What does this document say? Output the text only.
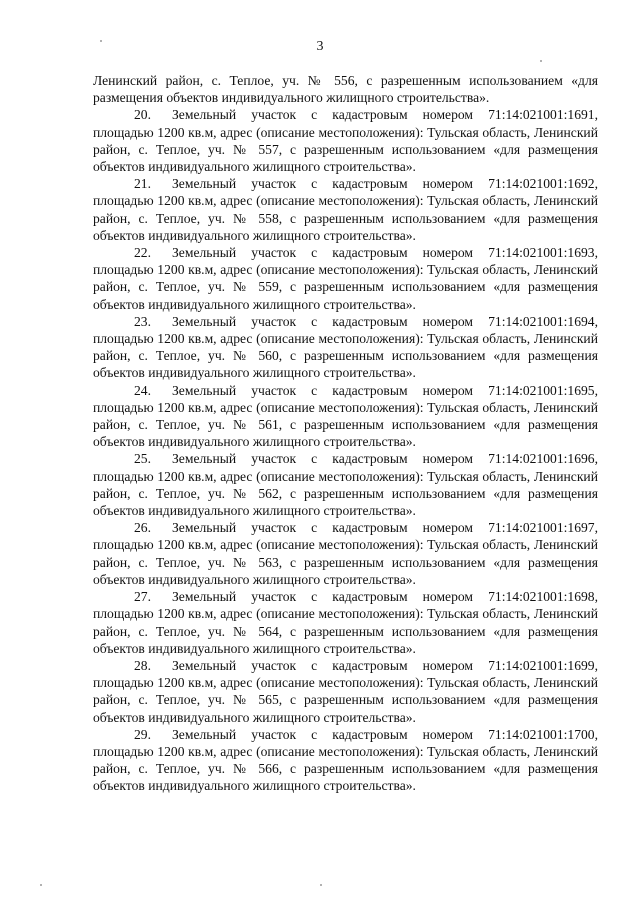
3

Ленинский район, с. Теплое, уч. № 556, с разрешенным использованием «для размещения объектов индивидуального жилищного строительства».

20. Земельный участок с кадастровым номером 71:14:021001:1691, площадью 1200 кв.м, адрес (описание местоположения): Тульская область, Ленинский район, с. Теплое, уч. № 557, с разрешенным использованием «для размещения объектов индивидуального жилищного строительства».

21. Земельный участок с кадастровым номером 71:14:021001:1692, площадью 1200 кв.м, адрес (описание местоположения): Тульская область, Ленинский район, с. Теплое, уч. № 558, с разрешенным использованием «для размещения объектов индивидуального жилищного строительства».

22. Земельный участок с кадастровым номером 71:14:021001:1693, площадью 1200 кв.м, адрес (описание местоположения): Тульская область, Ленинский район, с. Теплое, уч. № 559, с разрешенным использованием «для размещения объектов индивидуального жилищного строительства».

23. Земельный участок с кадастровым номером 71:14:021001:1694, площадью 1200 кв.м, адрес (описание местоположения): Тульская область, Ленинский район, с. Теплое, уч. № 560, с разрешенным использованием «для размещения объектов индивидуального жилищного строительства».

24. Земельный участок с кадастровым номером 71:14:021001:1695, площадью 1200 кв.м, адрес (описание местоположения): Тульская область, Ленинский район, с. Теплое, уч. № 561, с разрешенным использованием «для размещения объектов индивидуального жилищного строительства».

25. Земельный участок с кадастровым номером 71:14:021001:1696, площадью 1200 кв.м, адрес (описание местоположения): Тульская область, Ленинский район, с. Теплое, уч. № 562, с разрешенным использованием «для размещения объектов индивидуального жилищного строительства».

26. Земельный участок с кадастровым номером 71:14:021001:1697, площадью 1200 кв.м, адрес (описание местоположения): Тульская область, Ленинский район, с. Теплое, уч. № 563, с разрешенным использованием «для размещения объектов индивидуального жилищного строительства».

27. Земельный участок с кадастровым номером 71:14:021001:1698, площадью 1200 кв.м, адрес (описание местоположения): Тульская область, Ленинский район, с. Теплое, уч. № 564, с разрешенным использованием «для размещения объектов индивидуального жилищного строительства».

28. Земельный участок с кадастровым номером 71:14:021001:1699, площадью 1200 кв.м, адрес (описание местоположения): Тульская область, Ленинский район, с. Теплое, уч. № 565, с разрешенным использованием «для размещения объектов индивидуального жилищного строительства».

29. Земельный участок с кадастровым номером 71:14:021001:1700, площадью 1200 кв.м, адрес (описание местоположения): Тульская область, Ленинский район, с. Теплое, уч. № 566, с разрешенным использованием «для размещения объектов индивидуального жилищного строительства».
